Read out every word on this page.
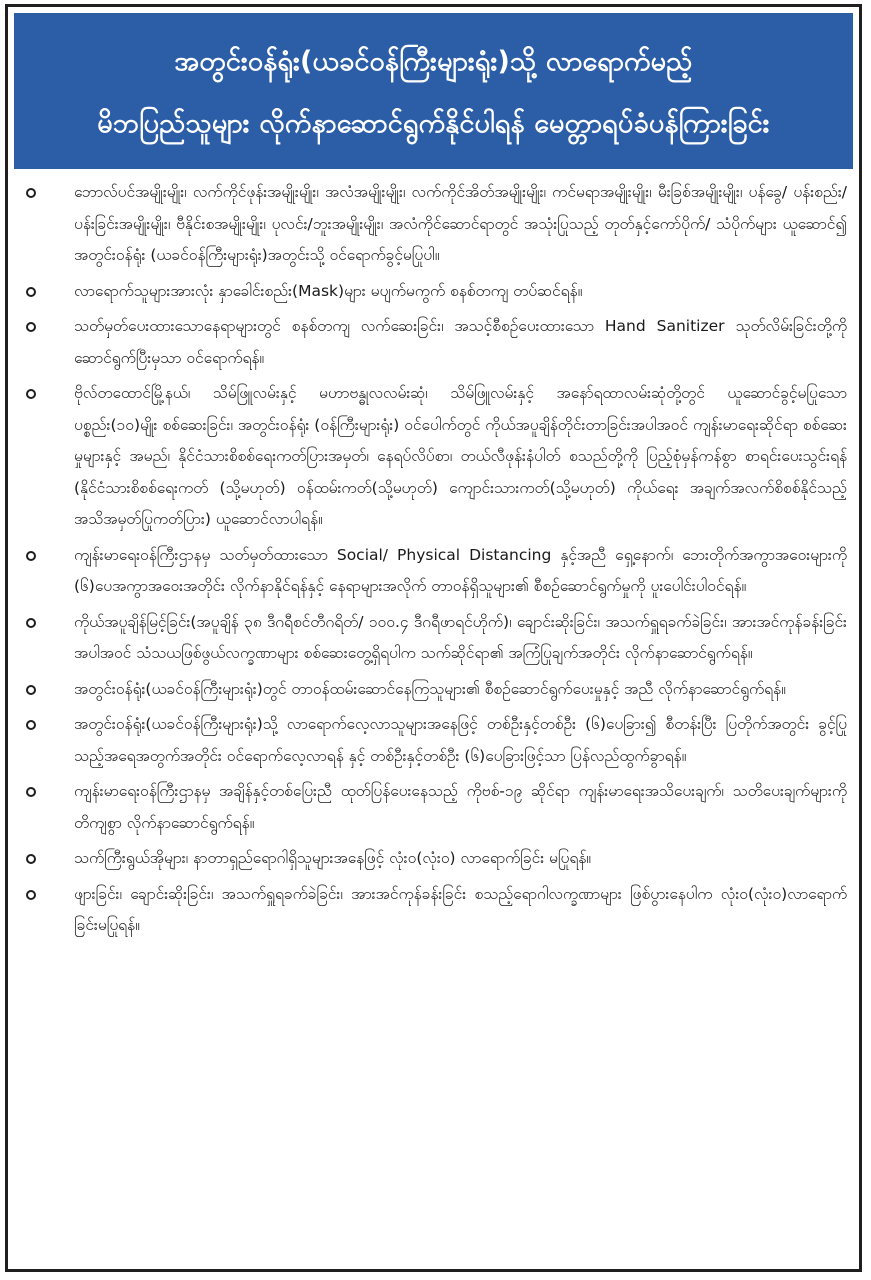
အတွင်းဝန်ရုံး(ယခင်ဝန်ကြီးများရုံး)သို့ လာရောက်မည့်
မိဘပြည်သူများ လိုက်နာဆောင်ရွက်နိုင်ပါရန် မေတ္တာရပ်ခံပန်ကြားခြင်း
ဘောလ်ပင်အမျိုးမျိုး၊ လက်ကိုင်ဖုန်းအမျိုးမျိုး၊ အလံအမျိုးမျိုး၊ လက်ကိုင်အိတ်အမျိုးမျိုး၊ ကင်မရာအမျိုးမျိုး၊ မီးခြစ်အမျိုးမျိုး၊ ပန်ခွေ/ ပန်းစည်း/ ပန်းခြင်းအမျိုးမျိုး၊ ဗီနိုင်းစအမျိုးမျိုး၊ ပုလင်း/ဘူးအမျိုးမျိုး၊ အလံကိုင်ဆောင်ရာတွင် အသုံးပြုသည့် တုတ်နှင့်ကော်ပိုက်/ သံပိုက်များ ယူဆောင်၍ အတွင်းဝန်ရုံး (ယခင်ဝန်ကြီးများရုံး)အတွင်းသို့ ဝင်ရောက်ခွင့်မပြုပါ။
လာရောက်သူများအားလုံး နှာခေါင်းစည်း(Mask)များ မပျက်မကွက် စနစ်တကျ တပ်ဆင်ရန်။
သတ်မှတ်ပေးထားသောနေရာများတွင် စနစ်တကျ လက်ဆေးခြင်း၊ အသင့်စီစဉ်ပေးထားသော Hand Sanitizer သုတ်လိမ်းခြင်းတို့ကို ဆောင်ရွက်ပြီးမှသာ ဝင်ရောက်ရန်။
ဗိုလ်တထောင်မြို့နယ်၊ သိမ်ဖြူလမ်းနှင့် မဟာဗန္ဓုလလမ်းဆုံ၊ သိမ်ဖြူလမ်းနှင့် အနော်ရထာလမ်းဆုံတို့တွင် ယူဆောင်ခွင့်မပြုသော ပစ္စည်း(၁၀)မျိုး စစ်ဆေးခြင်း၊ အတွင်းဝန်ရုံး (ဝန်ကြီးများရုံး) ဝင်ပေါက်တွင် ကိုယ်အပူချိန်တိုင်းတာခြင်းအပါအဝင် ကျန်းမာရေးဆိုင်ရာ စစ်ဆေးမှုများနှင့် အမည်၊ နိုင်ငံသားစိစစ်ရေးကတ်ပြားအမှတ်၊ နေရပ်လိပ်စာ၊ တယ်လီဖုန်းနံပါတ် စသည်တို့ကို ပြည့်စုံမှန်ကန်စွာ စာရင်းပေးသွင်းရန် (နိုင်ငံသားစိစစ်ရေးကတ် (သို့မဟုတ်) ဝန်ထမ်းကတ်(သို့မဟုတ်) ကျောင်းသားကတ်(သို့မဟုတ်) ကိုယ်ရေး အချက်အလက်စိစစ်နိုင်သည့် အသိအမှတ်ပြုကတ်ပြား) ယူဆောင်လာပါရန်။
ကျန်းမာရေးဝန်ကြီးဌာနမှ သတ်မှတ်ထားသော Social/ Physical Distancing နှင့်အညီ ရှေ့နောက်၊ ဘေးတိုက်အကွာအဝေးများကို (၆)ပေအကွာအဝေးအတိုင်း လိုက်နာနိုင်ရန်နှင့် နေရာများအလိုက် တာဝန်ရှိသူများ၏ စီစဉ်ဆောင်ရွက်မှုကို ပူးပေါင်းပါဝင်ရန်။
ကိုယ်အပူချိန်မြင့်ခြင်း(အပူချိန် ၃၈ ဒီဂရီစင်တီဂရိတ်/ ၁၀၀.၄ ဒီဂရီဖာရင်ဟိုက်)၊ ချောင်းဆိုးခြင်း၊ အသက်ရှူရခက်ခဲခြင်း၊ အားအင်ကုန်ခန်းခြင်းအပါအဝင် သံသယဖြစ်ဖွယ်လက္ခဏာများ စစ်ဆေးတွေ့ရှိရပါက သက်ဆိုင်ရာ၏ အကြံပြုချက်အတိုင်း လိုက်နာဆောင်ရွက်ရန်။
အတွင်းဝန်ရုံး(ယခင်ဝန်ကြီးများရုံး)တွင် တာဝန်ထမ်းဆောင်နေကြသူများ၏ စီစဉ်ဆောင်ရွက်ပေးမှုနှင့် အညီ လိုက်နာဆောင်ရွက်ရန်။
အတွင်းဝန်ရုံး(ယခင်ဝန်ကြီးများရုံး)သို့ လာရောက်လေ့လာသူများအနေဖြင့် တစ်ဦးနှင့်တစ်ဦး (၆)ပေခြား၍ စီတန်းပြီး ပြတိုက်အတွင်း ခွင့်ပြုသည့်အရေအတွက်အတိုင်း ဝင်ရောက်လေ့လာရန် နှင့် တစ်ဦးနှင့်တစ်ဦး (၆)ပေခြားဖြင့်သာ ပြန်လည်ထွက်ခွာရန်။
ကျန်းမာရေးဝန်ကြီးဌာနမှ အချိန်နှင့်တစ်ပြေးညီ ထုတ်ပြန်ပေးနေသည့် ကိုဗစ်-၁၉ ဆိုင်ရာ ကျန်းမာရေးအသိပေးချက်၊ သတိပေးချက်များကို တိကျစွာ လိုက်နာဆောင်ရွက်ရန်။
သက်ကြီးရွယ်အိုများ၊ နာတာရှည်ရောဂါရှိသူများအနေဖြင့် လုံးဝ(လုံးဝ) လာရောက်ခြင်း မပြုရန်။
ဖျားခြင်း၊ ချောင်းဆိုးခြင်း၊ အသက်ရှူရခက်ခဲခြင်း၊ အားအင်ကုန်ခန်းခြင်း စသည့်ရောဂါလက္ခဏာများ ဖြစ်ပွားနေပါက လုံးဝ(လုံးဝ)လာရောက်ခြင်းမပြုရန်။
